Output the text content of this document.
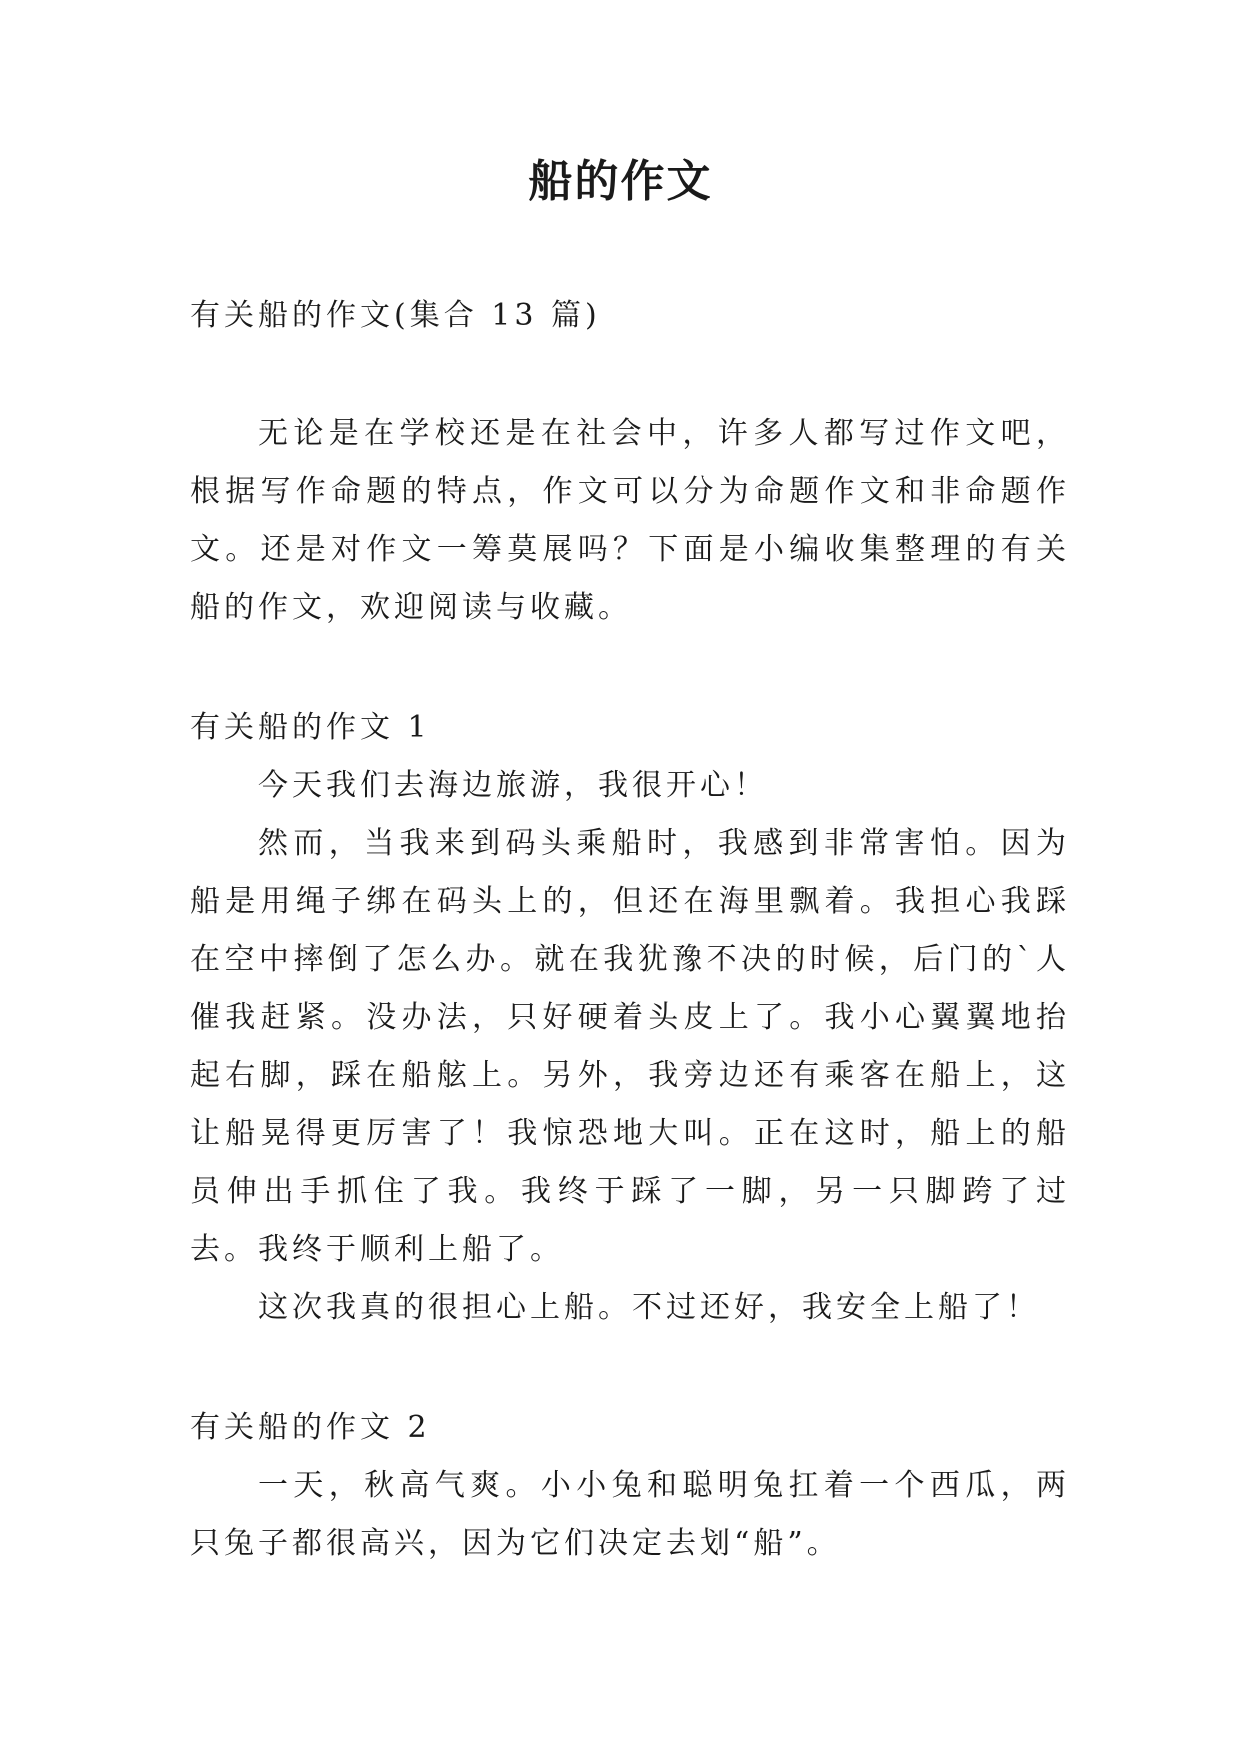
船的作文

有关船的作文(集合 13 篇)

无论是在学校还是在社会中，许多人都写过作文吧，根据写作命题的特点，作文可以分为命题作文和非命题作文。还是对作文一筹莫展吗？下面是小编收集整理的有关船的作文，欢迎阅读与收藏。

有关船的作文 1

今天我们去海边旅游，我很开心！

然而，当我来到码头乘船时，我感到非常害怕。因为船是用绳子绑在码头上的，但还在海里飘着。我担心我踩在空中摔倒了怎么办。就在我犹豫不决的时候，后门的`人催我赶紧。没办法，只好硬着头皮上了。我小心翼翼地抬起右脚，踩在船舷上。另外，我旁边还有乘客在船上，这让船晃得更厉害了！我惊恐地大叫。正在这时，船上的船员伸出手抓住了我。我终于踩了一脚，另一只脚跨了过去。我终于顺利上船了。

这次我真的很担心上船。不过还好，我安全上船了！

有关船的作文 2

一天，秋高气爽。小小兔和聪明兔扛着一个西瓜，两只兔子都很高兴，因为它们决定去划“船”。
